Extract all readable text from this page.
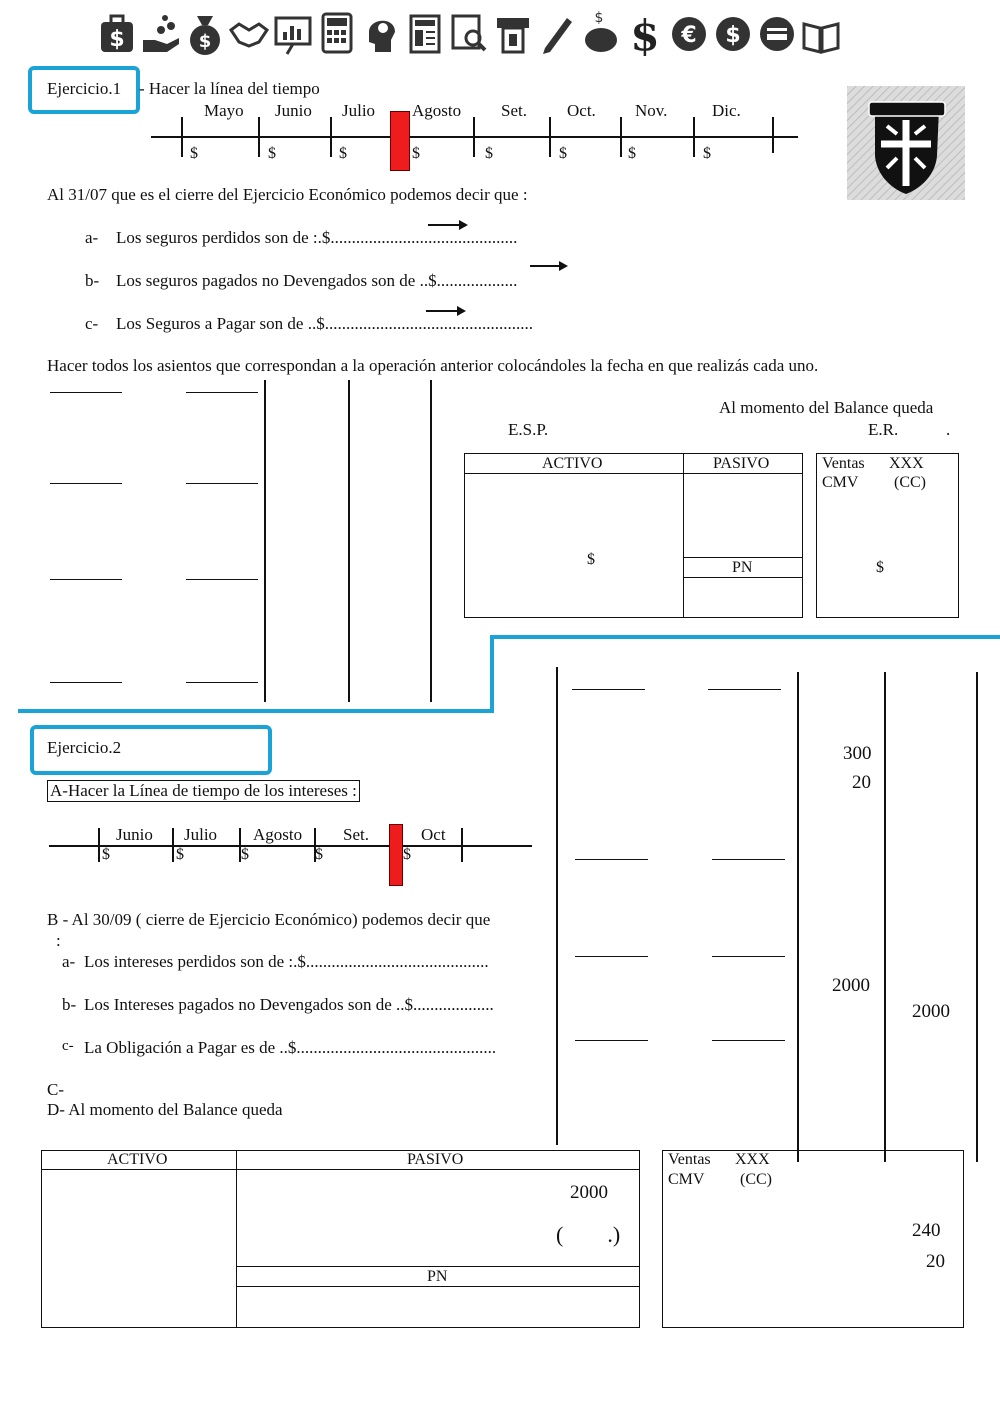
$	$
$ $ € $
Ejercicio.1 - Hacer la línea del tiempo
Mayo Junio Julio Agosto Set. Oct. Nov.	Dic.
$	$	$	$	$	$	$	$
Al 31/07 que es el cierre del Ejercicio Económico podemos decir que :
a- Los seguros perdidos son de :.$............................................
b- Los seguros pagados no Devengados son de ..$...................
c- Los Seguros a Pagar son de ..$.................................................
Hacer todos los asientos que correspondan a la operación anterior colocándoles la fecha en que realizás cada uno.
Al momento del Balance queda
E.S.P.	E.R.	.
ACTIVO	PASIVO
PN
$
Ventas XXX
CMV (CC)
$
Ejercicio.2
A-Hacer la Línea de tiempo de los intereses :
Junio Julio Agosto Set.	Oct
$	$	$	$	$
B - Al 30/09 ( cierre de Ejercicio Económico) podemos decir que
:
a- Los intereses perdidos son de :.$...........................................
b- Los Intereses pagados no Devengados son de ..$...................
c- La Obligación a Pagar es de ..$...............................................
C-
D- Al momento del Balance queda
300
20
2000
2000
ACTIVO	PASIVO
2000
(        .)
PN
Ventas XXX
CMV (CC)
240
20
